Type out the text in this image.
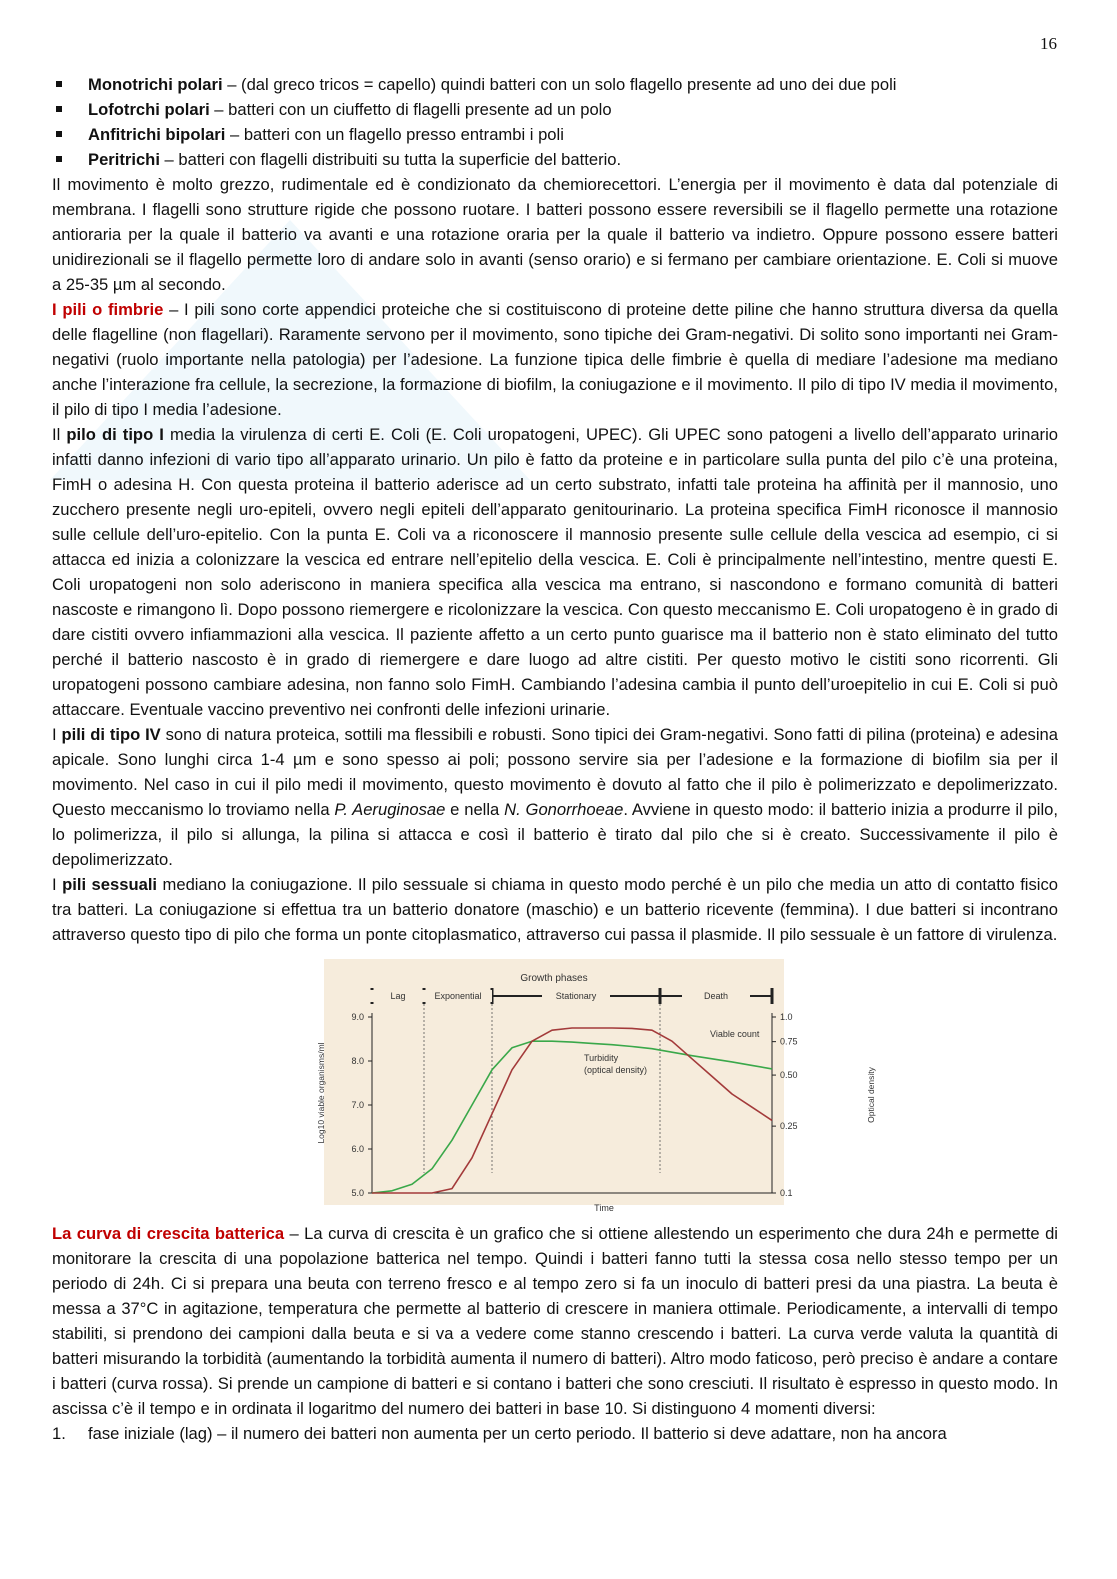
16
Monotrichi polari – (dal greco tricos = capello) quindi batteri con un solo flagello presente ad uno dei due poli
Lofotrchi polari – batteri con un ciuffetto di flagelli presente ad un polo
Anfitrichi bipolari – batteri con un flagello presso entrambi i poli
Peritrichi – batteri con flagelli distribuiti su tutta la superficie del batterio.

Il movimento è molto grezzo, rudimentale ed è condizionato da chemiorecettori. L’energia per il movimento è data dal potenziale di membrana. I flagelli sono strutture rigide che possono ruotare. I batteri possono essere reversibili se il flagello permette una rotazione antioraria per la quale il batterio va avanti e una rotazione oraria per la quale il batterio va indietro. Oppure possono essere batteri unidirezionali se il flagello permette loro di andare solo in avanti (senso orario) e si fermano per cambiare orientazione. E. Coli si muove a 25-35 µm al secondo.

I pili o fimbrie – I pili sono corte appendici proteiche che si costituiscono di proteine dette piline che hanno struttura diversa da quella delle flagelline (non flagellari). Raramente servono per il movimento, sono tipiche dei Gram-negativi. Di solito sono importanti nei Gram-negativi (ruolo importante nella patologia) per l’adesione. La funzione tipica delle fimbrie è quella di mediare l’adesione ma mediano anche l’interazione fra cellule, la secrezione, la formazione di biofilm, la coniugazione e il movimento. Il pilo di tipo IV media il movimento, il pilo di tipo I media l’adesione.

Il pilo di tipo I media la virulenza di certi E. Coli (E. Coli uropatogeni, UPEC). Gli UPEC sono patogeni a livello dell’apparato urinario infatti danno infezioni di vario tipo all’apparato urinario. Un pilo è fatto da proteine e in particolare sulla punta del pilo c’è una proteina, FimH o adesina H. Con questa proteina il batterio aderisce ad un certo substrato, infatti tale proteina ha affinità per il mannosio, uno zucchero presente negli uro-epiteli, ovvero negli epiteli dell’apparato genitourinario. La proteina specifica FimH riconosce il mannosio sulle cellule dell’uro-epitelio. Con la punta E. Coli va a riconoscere il mannosio presente sulle cellule della vescica ad esempio, ci si attacca ed inizia a colonizzare la vescica ed entrare nell’epitelio della vescica. E. Coli è principalmente nell’intestino, mentre questi E. Coli uropatogeni non solo aderiscono in maniera specifica alla vescica ma entrano, si nascondono e formano comunità di batteri nascoste e rimangono lì. Dopo possono riemergere e ricolonizzare la vescica. Con questo meccanismo E. Coli uropatogeno è in grado di dare cistiti ovvero infiammazioni alla vescica. Il paziente affetto a un certo punto guarisce ma il batterio non è stato eliminato del tutto perché il batterio nascosto è in grado di riemergere e dare luogo ad altre cistiti. Per questo motivo le cistiti sono ricorrenti. Gli uropatogeni possono cambiare adesina, non fanno solo FimH. Cambiando l’adesina cambia il punto dell’uroepitelio in cui E. Coli si può attaccare. Eventuale vaccino preventivo nei confronti delle infezioni urinarie.

I pili di tipo IV sono di natura proteica, sottili ma flessibili e robusti. Sono tipici dei Gram-negativi. Sono fatti di pilina (proteina) e adesina apicale. Sono lunghi circa 1-4 µm e sono spesso ai poli; possono servire sia per l’adesione e la formazione di biofilm sia per il movimento. Nel caso in cui il pilo medi il movimento, questo movimento è dovuto al fatto che il pilo è polimerizzato e depolimerizzato. Questo meccanismo lo troviamo nella P. Aeruginosae e nella N. Gonorrhoeae. Avviene in questo modo: il batterio inizia a produrre il pilo, lo polimerizza, il pilo si allunga, la pilina si attacca e così il batterio è tirato dal pilo che si è creato. Successivamente il pilo è depolimerizzato.

I pili sessuali mediano la coniugazione. Il pilo sessuale si chiama in questo modo perché è un pilo che media un atto di contatto fisico tra batteri. La coniugazione si effettua tra un batterio donatore (maschio) e un batterio ricevente (femmina). I due batteri si incontrano attraverso questo tipo di pilo che forma un ponte citoplasmatico, attraverso cui passa il plasmide. Il pilo sessuale è un fattore di virulenza.

Growth phases
Lag	Exponential	Stationary	Death
9.0
8.0
7.0
6.0
5.0
1.0
0.75
0.50
0.25
0.1
Turbidity
(optical density)
Viable count
Time
Log10 viable organisms/ml	Optical density

La curva di crescita batterica – La curva di crescita è un grafico che si ottiene allestendo un esperimento che dura 24h e permette di monitorare la crescita di una popolazione batterica nel tempo. Quindi i batteri fanno tutti la stessa cosa nello stesso tempo per un periodo di 24h. Ci si prepara una beuta con terreno fresco e al tempo zero si fa un inoculo di batteri presi da una piastra. La beuta è messa a 37°C in agitazione, temperatura che permette al batterio di crescere in maniera ottimale. Periodicamente, a intervalli di tempo stabiliti, si prendono dei campioni dalla beuta e si va a vedere come stanno crescendo i batteri. La curva verde valuta la quantità di batteri misurando la torbidità (aumentando la torbidità aumenta il numero di batteri). Altro modo faticoso, però preciso è andare a contare i batteri (curva rossa). Si prende un campione di batteri e si contano i batteri che sono cresciuti. Il risultato è espresso in questo modo. In ascissa c’è il tempo e in ordinata il logaritmo del numero dei batteri in base 10. Si distinguono 4 momenti diversi:

1. fase iniziale (lag) – il numero dei batteri non aumenta per un certo periodo. Il batterio si deve adattare, non ha ancora
